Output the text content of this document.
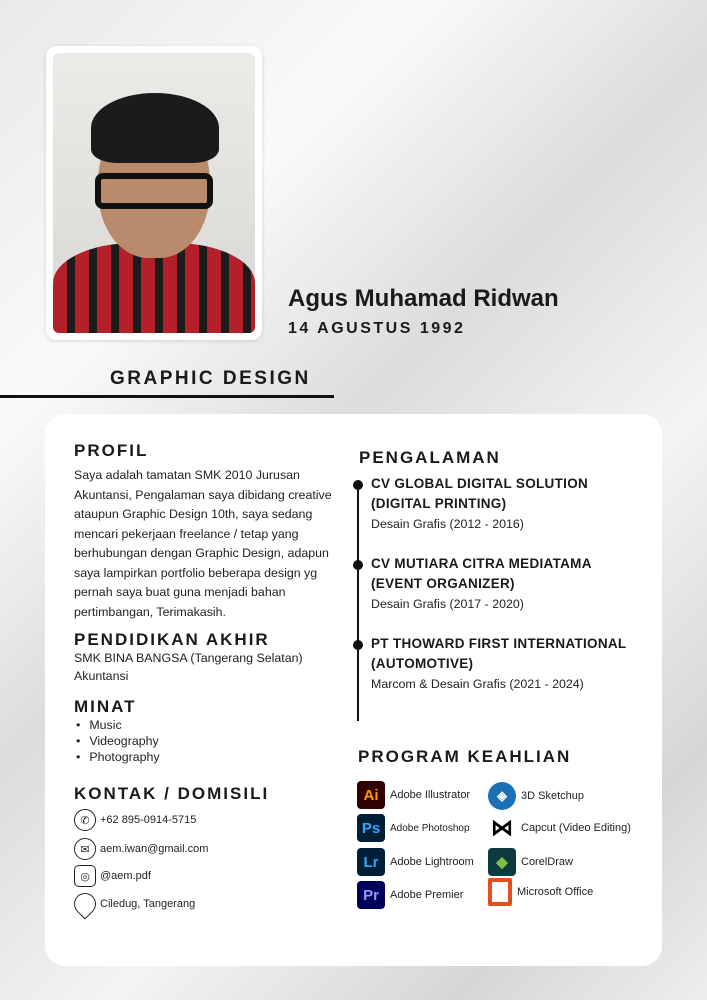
Agus Muhamad Ridwan
14 AGUSTUS 1992
GRAPHIC DESIGN
PROFIL
Saya adalah tamatan SMK 2010 Jurusan Akuntansi, Pengalaman saya dibidang creative ataupun Graphic Design 10th, saya sedang mencari pekerjaan freelance / tetap yang berhubungan dengan Graphic Design, adapun saya lampirkan portfolio beberapa design yg pernah saya buat guna menjadi bahan pertimbangan, Terimakasih.
PENDIDIKAN AKHIR
SMK BINA BANGSA (Tangerang Selatan)
Akuntansi
MINAT
• Music
• Videography
• Photography
KONTAK / DOMISILI
✆ +62 895-0914-5715
✉ aem.iwan@gmail.com
◎ @aem.pdf
Ciledug, Tangerang
PENGALAMAN
CV GLOBAL DIGITAL SOLUTION
(DIGITAL PRINTING)
Desain Grafis (2012 - 2016)
CV MUTIARA CITRA MEDIATAMA
(EVENT ORGANIZER)
Desain Grafis (2017 - 2020)
PT THOWARD FIRST INTERNATIONAL
(AUTOMOTIVE)
Marcom & Desain Grafis (2021 - 2024)
PROGRAM KEAHLIAN
Ai	Adobe Illustrator
Ps Adobe Photoshop
Lr	Adobe Lightroom
Pr	Adobe Premier
◈	3D Sketchup
⋈ Capcut (Video Editing)
◆	CorelDraw
Microsoft Office
